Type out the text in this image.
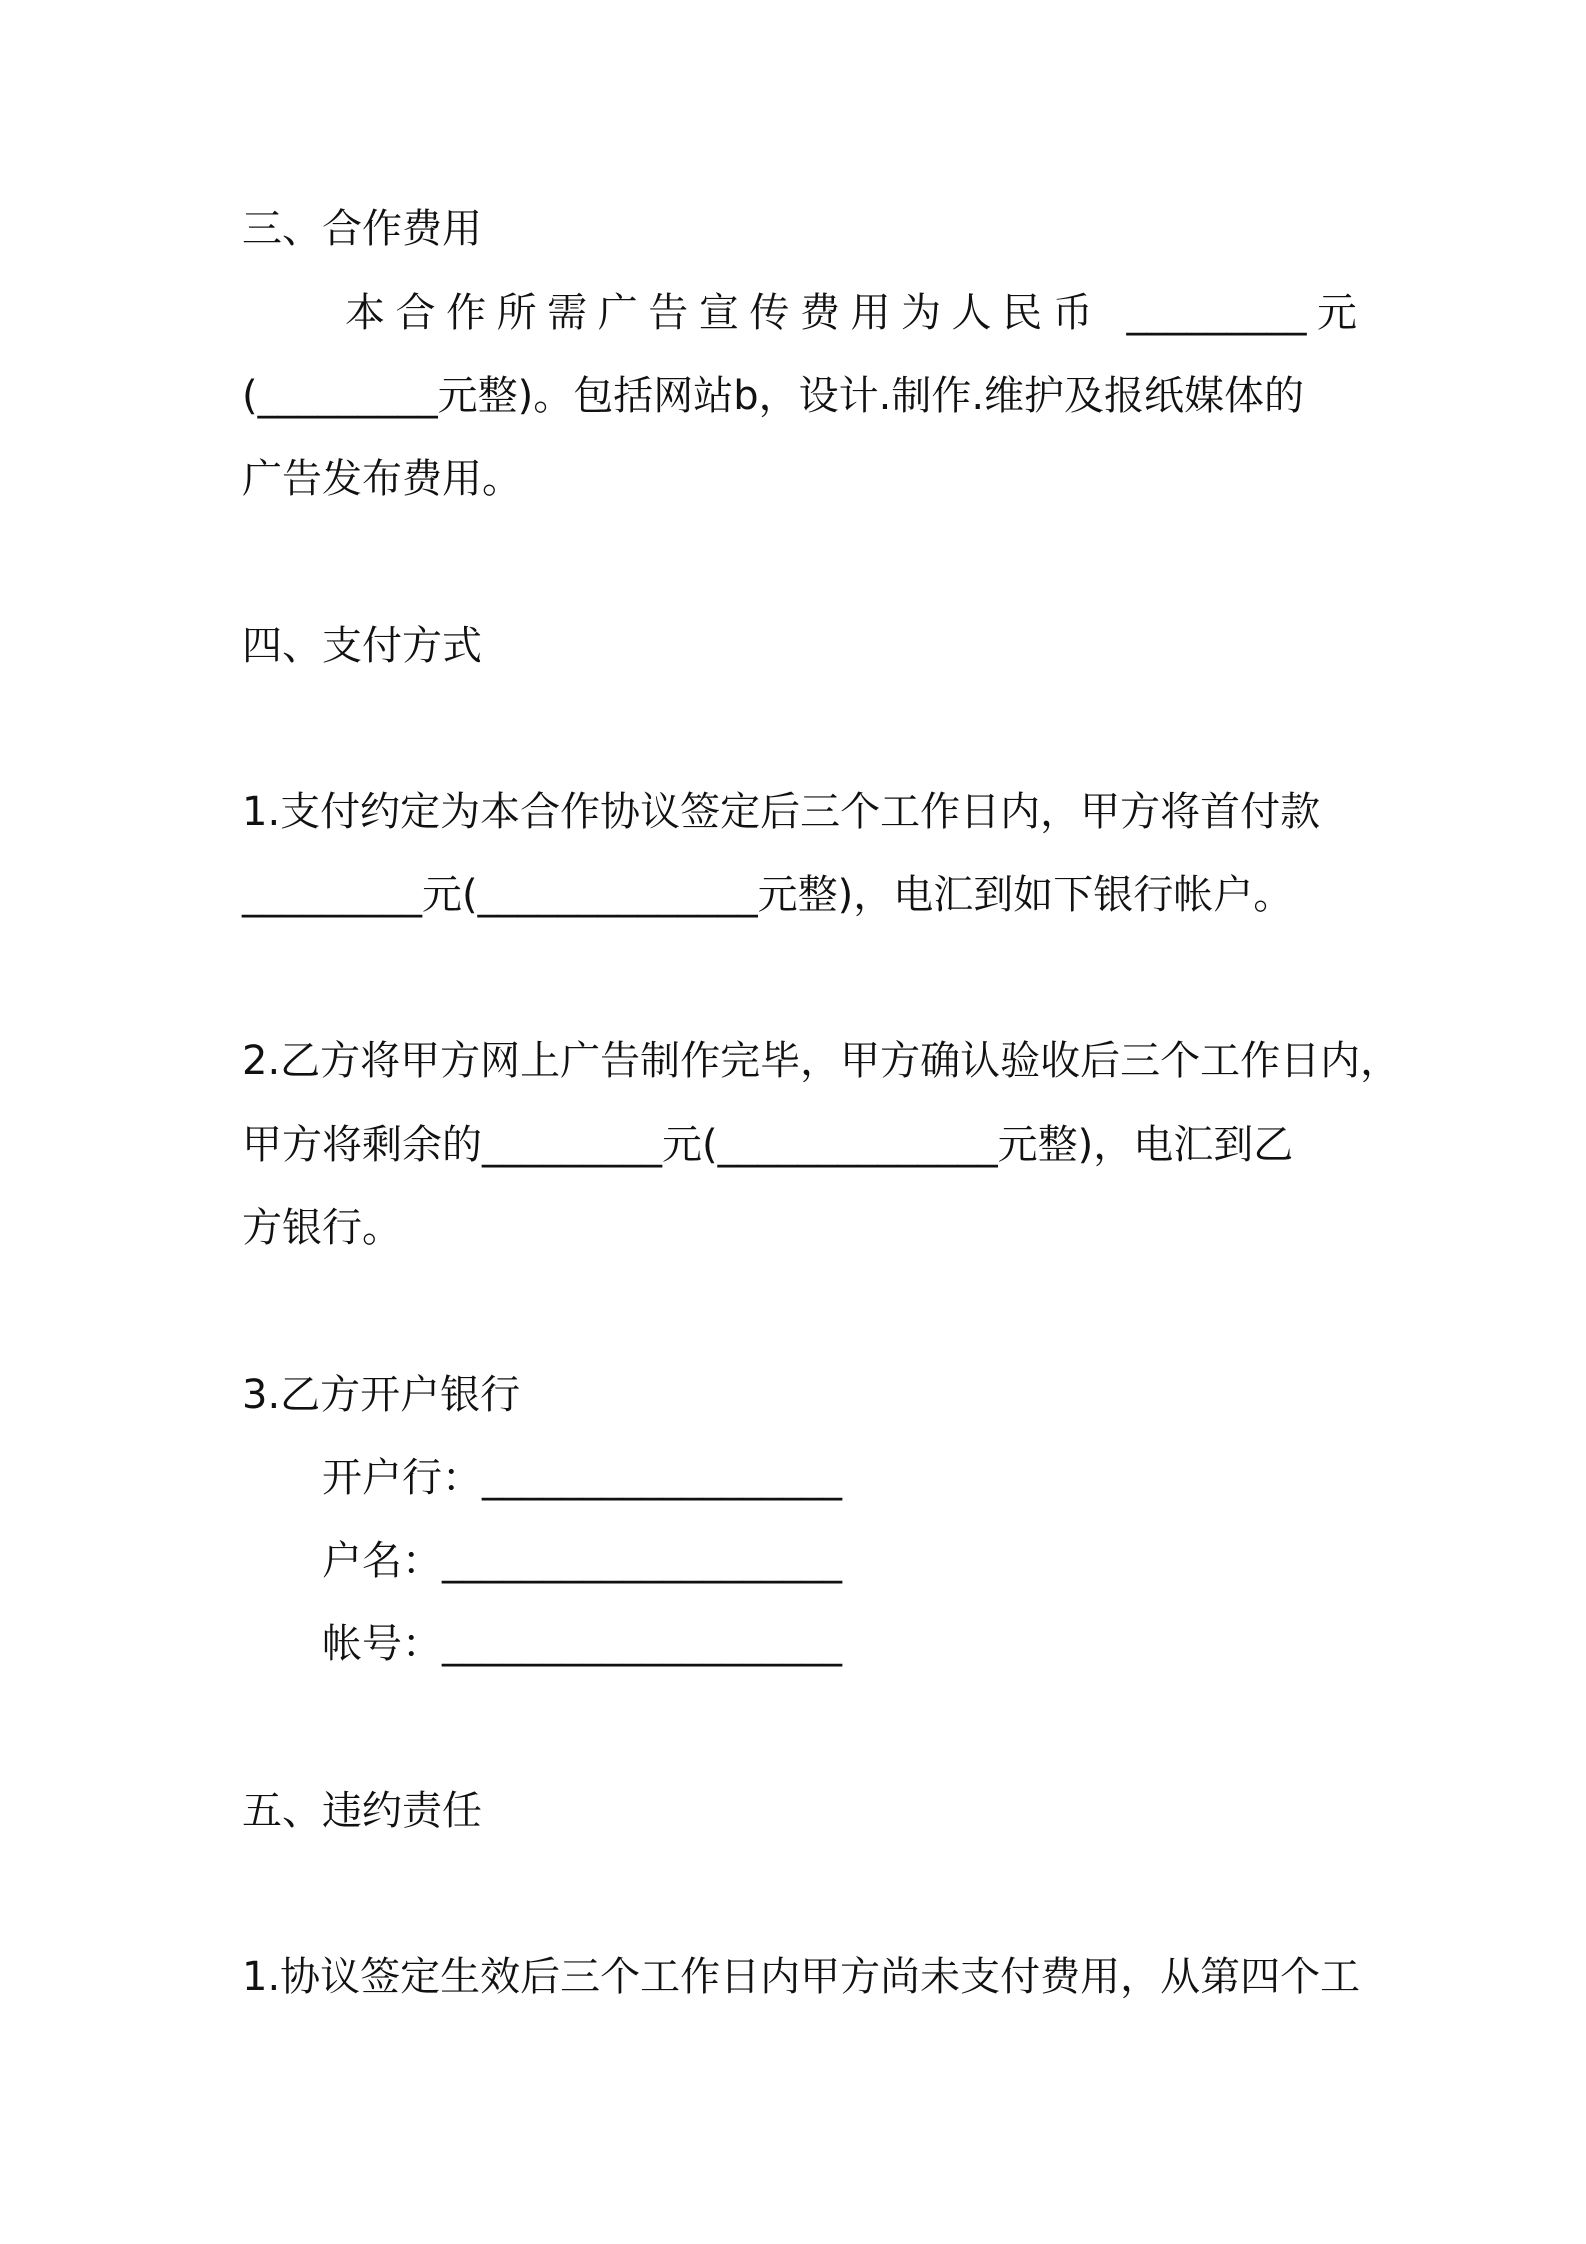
三、合作费用
本合作所需广告宣传费用为人民币 _________元
(_________元整)。包括网站b，设计.制作.维护及报纸媒体的
广告发布费用。
四、支付方式
1.支付约定为本合作协议签定后三个工作日内，甲方将首付款
_________元(______________元整)，电汇到如下银行帐户。
2.乙方将甲方网上广告制作完毕，甲方确认验收后三个工作日内，
甲方将剩余的_________元(______________元整)，电汇到乙
方银行。
3.乙方开户银行
开户行：__________________
户名：____________________
帐号：____________________
五、违约责任
1.协议签定生效后三个工作日内甲方尚未支付费用，从第四个工
